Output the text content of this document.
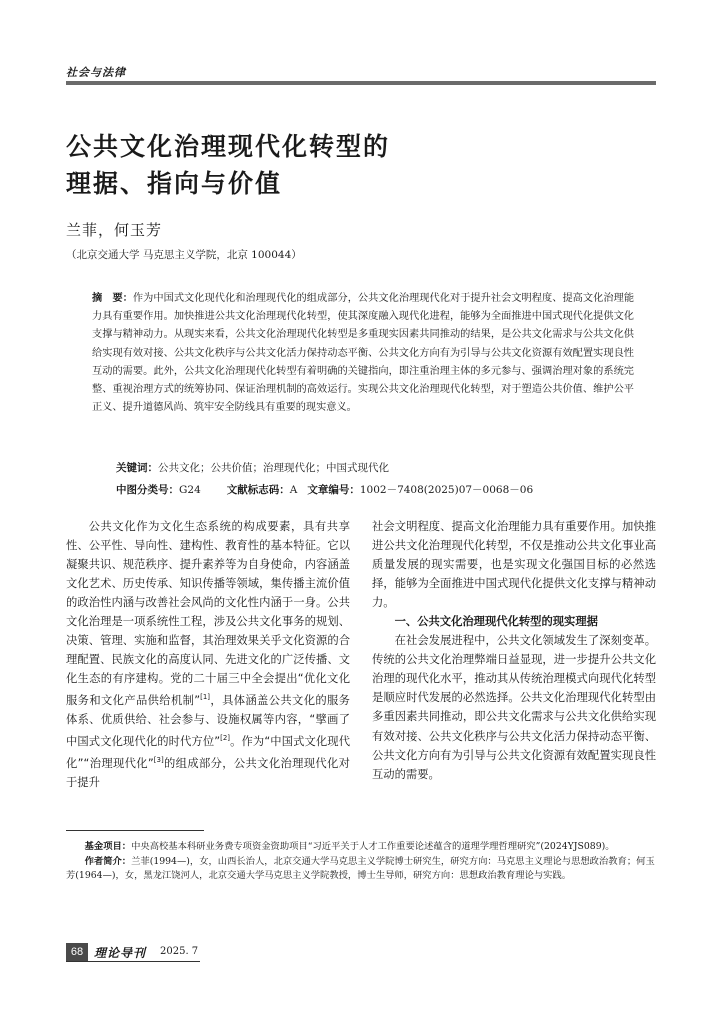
社会与法律
公共文化治理现代化转型的
理据、指向与价值
兰菲，何玉芳
（北京交通大学 马克思主义学院，北京 100044）
摘　要：作为中国式文化现代化和治理现代化的组成部分，公共文化治理现代化对于提升社会文明程度、提高文化治理能力具有重要作用。加快推进公共文化治理现代化转型，使其深度融入现代化进程，能够为全面推进中国式现代化提供文化支撑与精神动力。从现实来看，公共文化治理现代化转型是多重现实因素共同推动的结果，是公共文化需求与公共文化供给实现有效对接、公共文化秩序与公共文化活力保持动态平衡、公共文化方向有为引导与公共文化资源有效配置实现良性互动的需要。此外，公共文化治理现代化转型有着明确的关键指向，即注重治理主体的多元参与、强调治理对象的系统完整、重视治理方式的统筹协同、保证治理机制的高效运行。实现公共文化治理现代化转型，对于塑造公共价值、维护公平正义、提升道德风尚、筑牢安全防线具有重要的现实意义。
关键词：公共文化；公共价值；治理现代化；中国式现代化
中图分类号：G24 文献标志码：A 文章编号：1002－7408(2025)07－0068－06

公共文化作为文化生态系统的构成要素，具有共享性、公平性、导向性、建构性、教育性的基本特征。它以凝聚共识、规范秩序、提升素养等为自身使命，内容涵盖文化艺术、历史传承、知识传播等领域，集传播主流价值的政治性内涵与改善社会风尚的文化性内涵于一身。公共文化治理是一项系统性工程，涉及公共文化事务的规划、决策、管理、实施和监督，其治理效果关乎文化资源的合理配置、民族文化的高度认同、先进文化的广泛传播、文化生态的有序建构。党的二十届三中全会提出“优化文化服务和文化产品供给机制”[1]，具体涵盖公共文化的服务体系、优质供给、社会参与、设施权属等内容，“擘画了中国式文化现代化的时代方位”[2]。作为“中国式文化现代化”“治理现代化”[3]的组成部分，公共文化治理现代化对于提升

社会文明程度、提高文化治理能力具有重要作用。加快推进公共文化治理现代化转型，不仅是推动公共文化事业高质量发展的现实需要，也是实现文化强国目标的必然选择，能够为全面推进中国式现代化提供文化支撑与精神动力。

一、公共文化治理现代化转型的现实理据

在社会发展进程中，公共文化领域发生了深刻变革。传统的公共文化治理弊端日益显现，进一步提升公共文化治理的现代化水平，推动其从传统治理模式向现代化转型是顺应时代发展的必然选择。公共文化治理现代化转型由多重因素共同推动，即公共文化需求与公共文化供给实现有效对接、公共文化秩序与公共文化活力保持动态平衡、公共文化方向有为引导与公共文化资源有效配置实现良性互动的需要。

基金项目：中央高校基本科研业务费专项资金资助项目“习近平关于人才工作重要论述蕴含的道理学理哲理研究”(2024YJS089)。

作者简介：兰菲(1994—)，女，山西长治人，北京交通大学马克思主义学院博士研究生，研究方向：马克思主义理论与思想政治教育；何玉芳(1964—)，女，黑龙江饶河人，北京交通大学马克思主义学院教授，博士生导师，研究方向：思想政治教育理论与实践。

68 理论导刊 2025. 7
